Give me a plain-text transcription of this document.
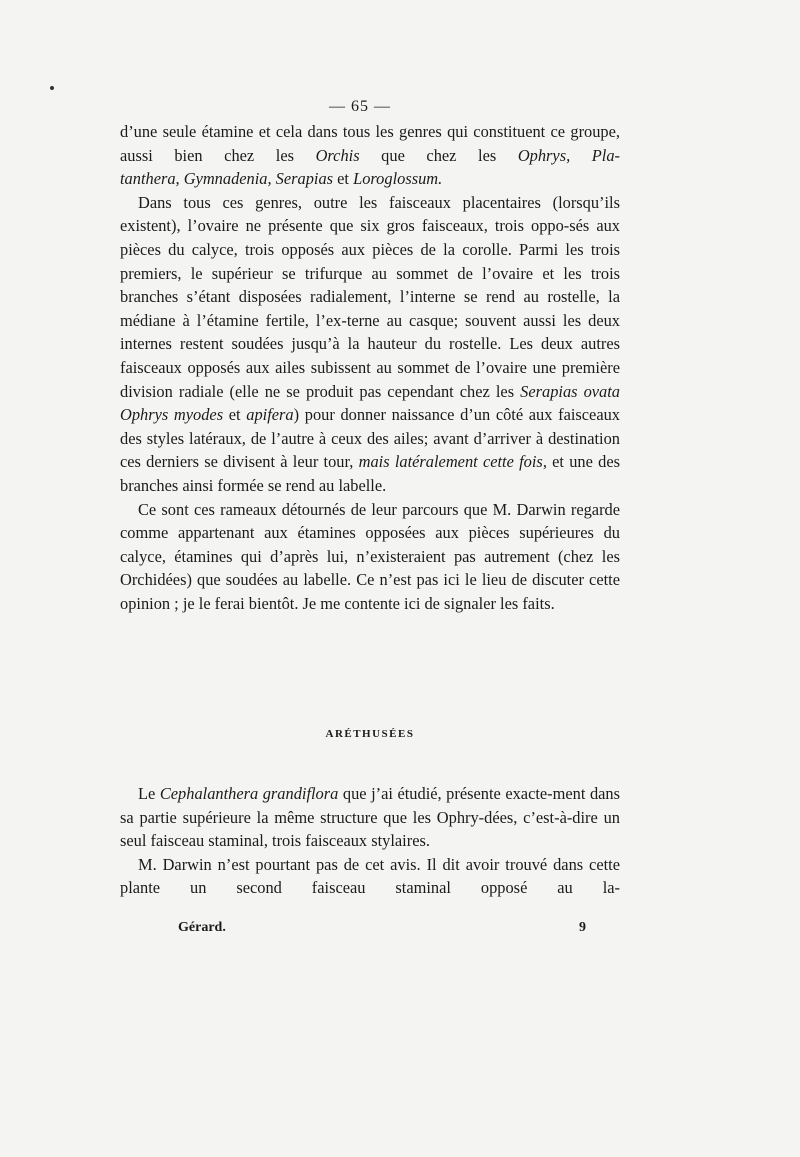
— 65 —

d’une seule étamine et cela dans tous les genres qui constituent ce groupe, aussi bien chez les Orchis que chez les Ophrys, Pla-

tanthera, Gymnadenia, Serapias et Loroglossum.

Dans tous ces genres, outre les faisceaux placentaires (lorsqu’ils existent), l’ovaire ne présente que six gros faisceaux, trois oppo-sés aux pièces du calyce, trois opposés aux pièces de la corolle. Parmi les trois premiers, le supérieur se trifurque au sommet de l’ovaire et les trois branches s’étant disposées radialement, l’interne se rend au rostelle, la médiane à l’étamine fertile, l’ex-terne au casque; souvent aussi les deux internes restent soudées jusqu’à la hauteur du rostelle. Les deux autres faisceaux opposés aux ailes subissent au sommet de l’ovaire une première division radiale (elle ne se produit pas cependant chez les Serapias ovata Ophrys myodes et apifera) pour donner naissance d’un côté aux faisceaux des styles latéraux, de l’autre à ceux des ailes; avant d’arriver à destination ces derniers se divisent à leur tour, mais latéralement cette fois, et une des branches ainsi formée se rend au labelle.

Ce sont ces rameaux détournés de leur parcours que M. Darwin regarde comme appartenant aux étamines opposées aux pièces supérieures du calyce, étamines qui d’après lui, n’existeraient pas autrement (chez les Orchidées) que soudées au labelle. Ce n’est pas ici le lieu de discuter cette opinion ; je le ferai bientôt. Je me contente ici de signaler les faits.

ARÉTHUSÉES

Le Cephalanthera grandiflora que j’ai étudié, présente exacte-ment dans sa partie supérieure la même structure que les Ophry-dées, c’est-à-dire un seul faisceau staminal, trois faisceaux stylaires.

M. Darwin n’est pourtant pas de cet avis. Il dit avoir trouvé dans cette plante un second faisceau staminal opposé au la-

Gérard.	9
